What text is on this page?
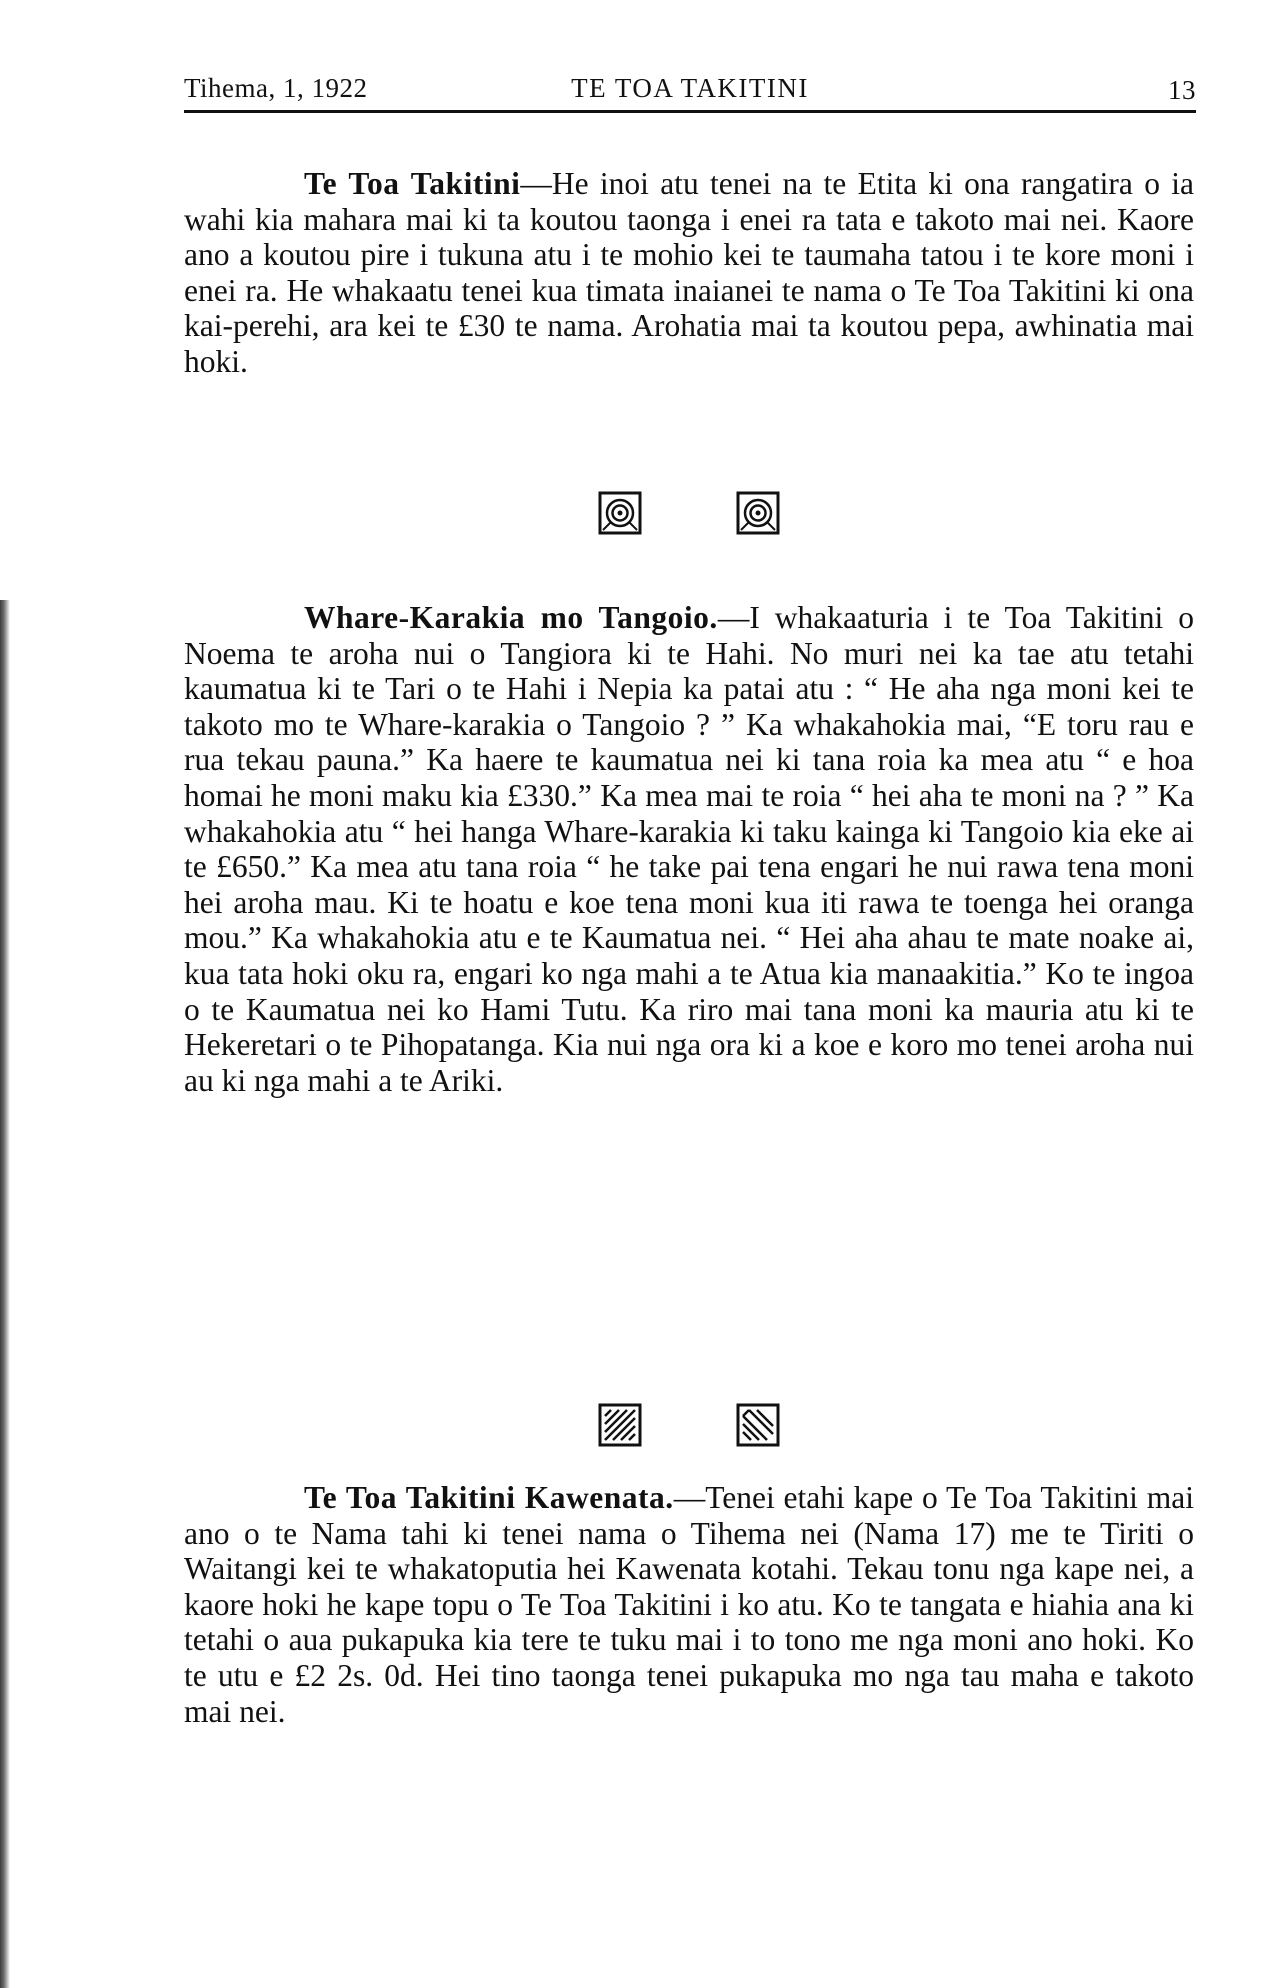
Tihema, 1, 1922	TE TOA TAKITINI	13

Te Toa Takitini—He inoi atu tenei na te Etita ki ona rangatira o ia wahi kia mahara mai ki ta koutou taonga i enei ra tata e takoto mai nei. Kaore ano a koutou pire i tukuna atu i te mohio kei te taumaha tatou i te kore moni i enei ra. He whakaatu tenei kua timata inaianei te nama o Te Toa Takitini ki ona kai-perehi, ara kei te £30 te nama. Arohatia mai ta koutou pepa, awhinatia mai hoki.

Whare-Karakia mo Tangoio.—I whakaaturia i te Toa Takitini o Noema te aroha nui o Tangiora ki te Hahi. No muri nei ka tae atu tetahi kaumatua ki te Tari o te Hahi i Nepia ka patai atu : “ He aha nga moni kei te takoto mo te Whare-karakia o Tangoio ? ” Ka whakahokia mai, “E toru rau e rua tekau pauna.” Ka haere te kaumatua nei ki tana roia ka mea atu “ e hoa homai he moni maku kia £330.” Ka mea mai te roia “ hei aha te moni na ? ” Ka whakahokia atu “ hei hanga Whare-karakia ki taku kainga ki Tangoio kia eke ai te £650.” Ka mea atu tana roia “ he take pai tena engari he nui rawa tena moni hei aroha mau. Ki te hoatu e koe tena moni kua iti rawa te toenga hei oranga mou.” Ka whakahokia atu e te Kaumatua nei. “ Hei aha ahau te mate noake ai, kua tata hoki oku ra, engari ko nga mahi a te Atua kia manaakitia.” Ko te ingoa o te Kaumatua nei ko Hami Tutu. Ka riro mai tana moni ka mauria atu ki te Hekeretari o te Pihopatanga. Kia nui nga ora ki a koe e koro mo tenei aroha nui au ki nga mahi a te Ariki.

Te Toa Takitini Kawenata.—Tenei etahi kape o Te Toa Takitini mai ano o te Nama tahi ki tenei nama o Tihema nei (Nama 17) me te Tiriti o Waitangi kei te whakatoputia hei Kawenata kotahi. Tekau tonu nga kape nei, a kaore hoki he kape topu o Te Toa Takitini i ko atu. Ko te tangata e hiahia ana ki tetahi o aua pukapuka kia tere te tuku mai i to tono me nga moni ano hoki. Ko te utu e £2 2s. 0d. Hei tino taonga tenei pukapuka mo nga tau maha e takoto mai nei.
